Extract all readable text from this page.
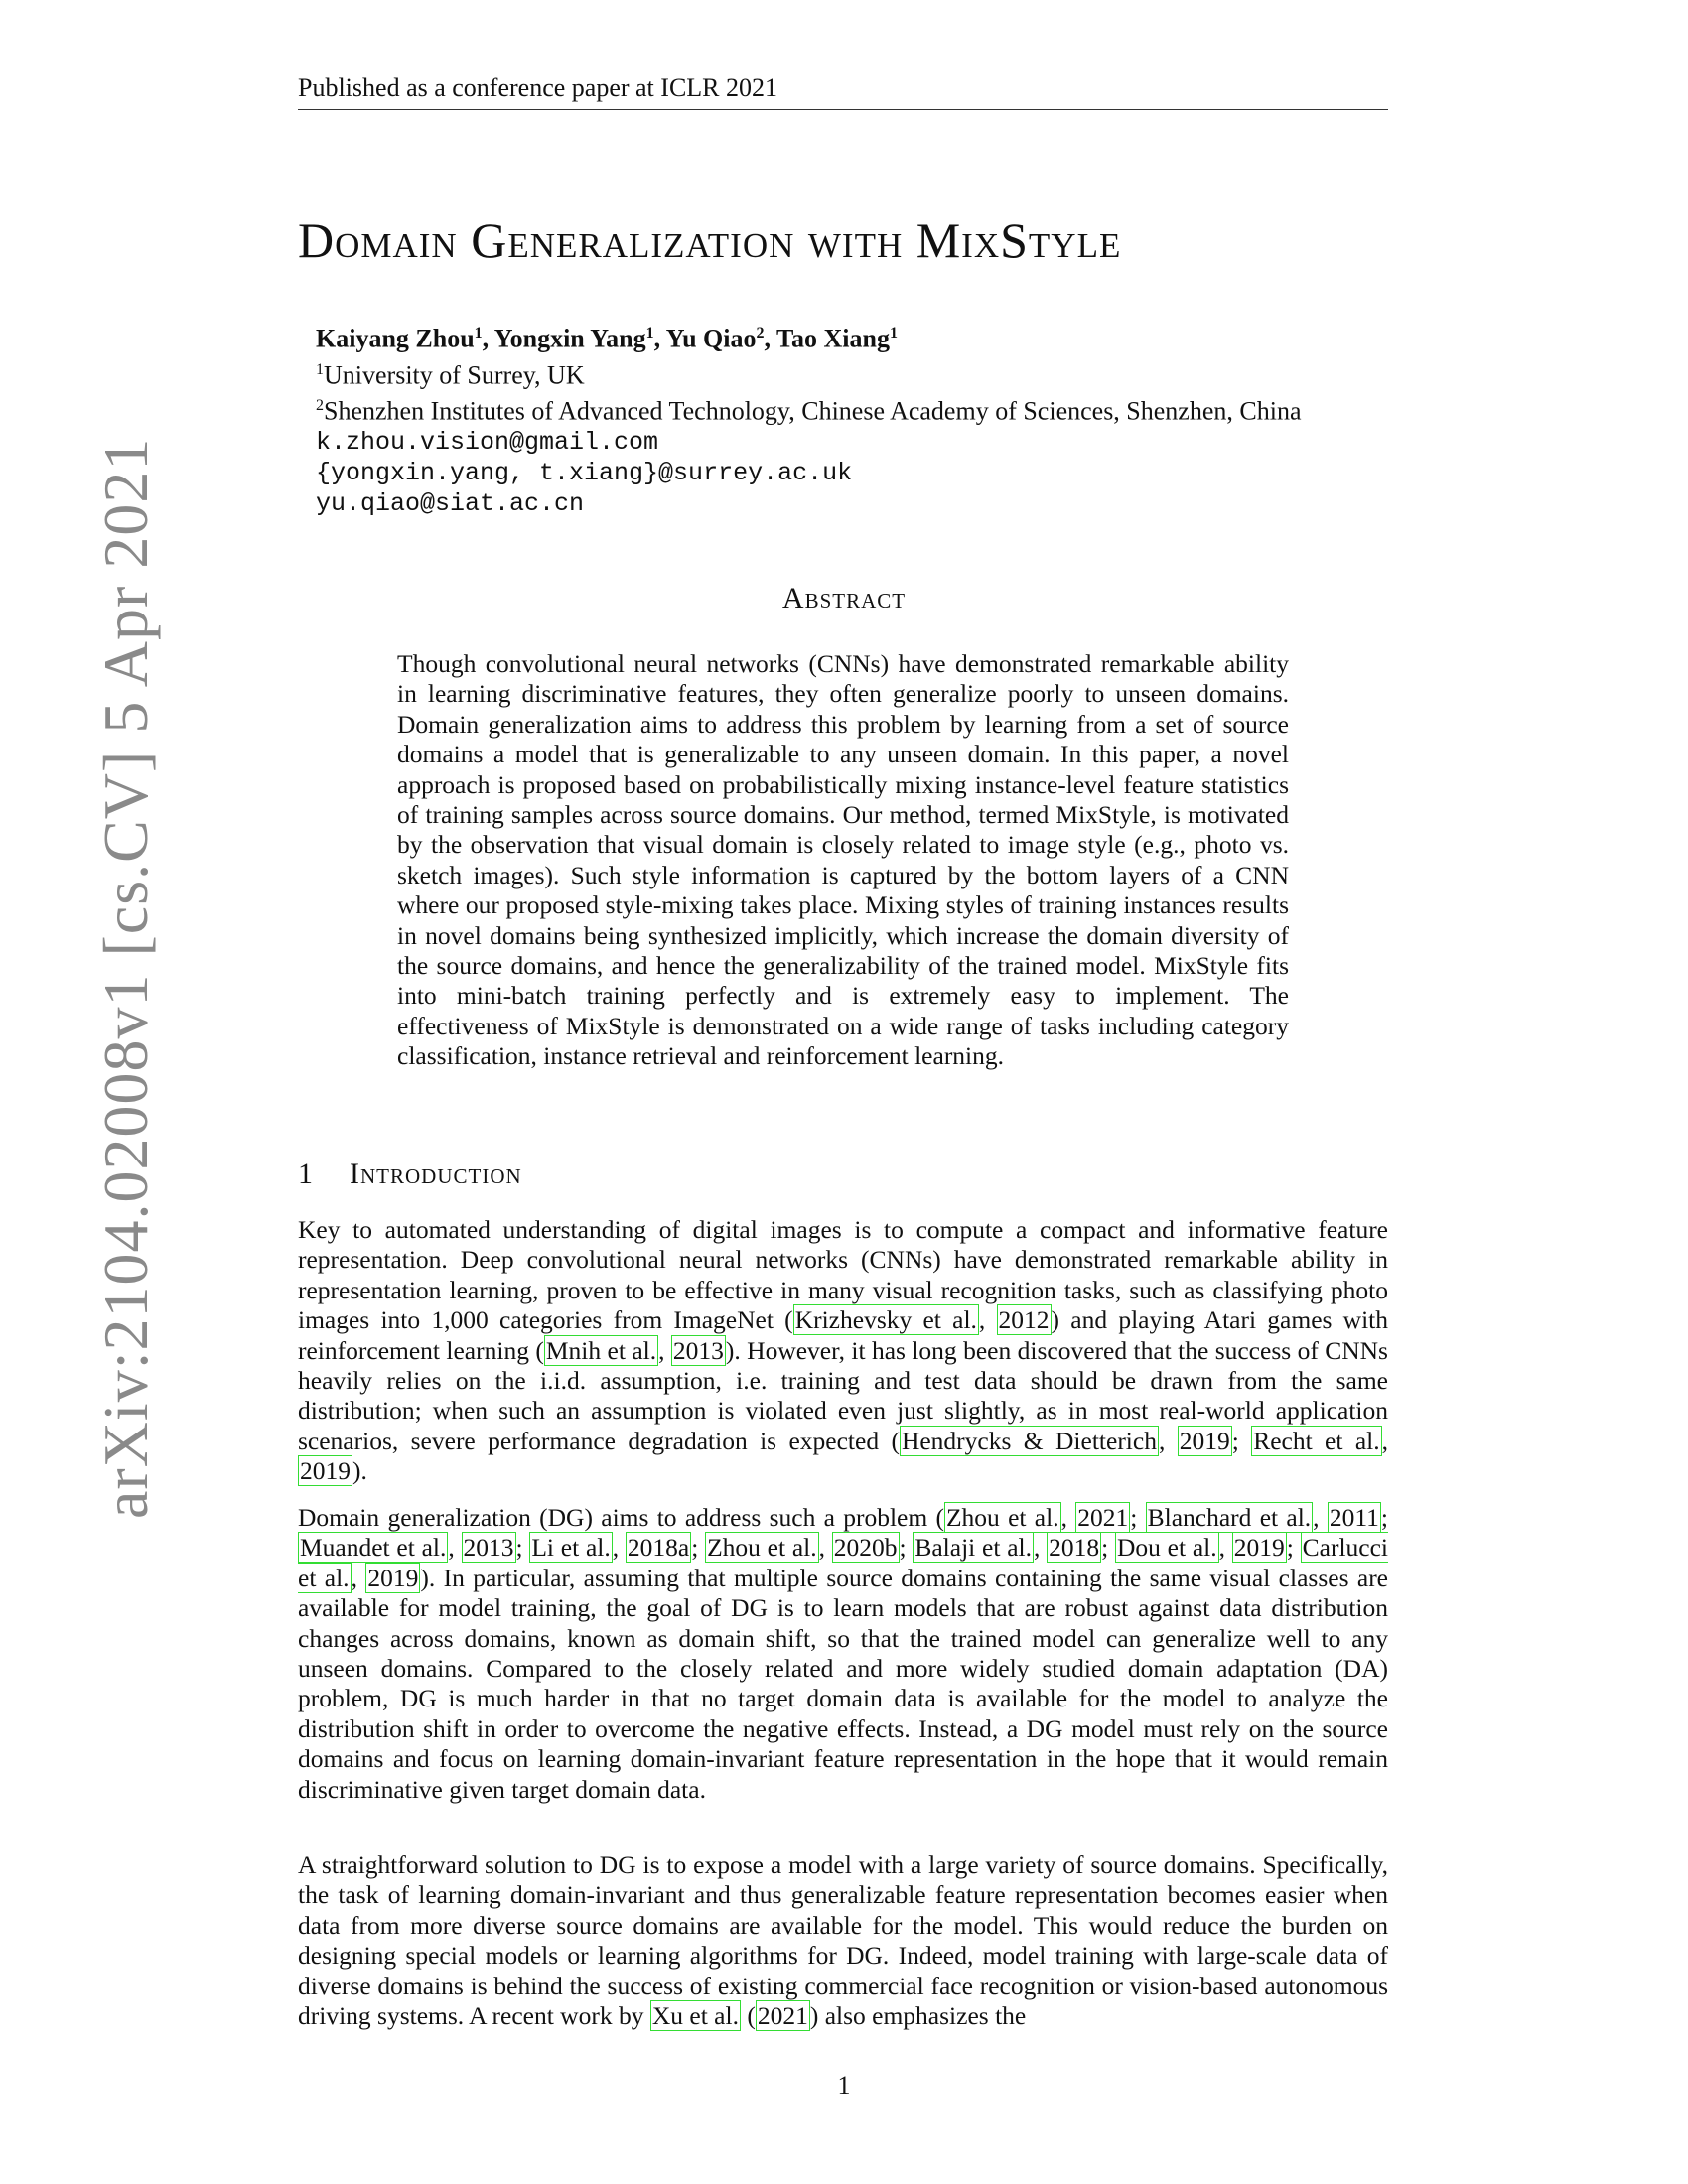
Published as a conference paper at ICLR 2021
arXiv:2104.02008v1 [cs.CV] 5 Apr 2021
Domain Generalization with MixStyle
Kaiyang Zhou$^1$, Yongxin Yang$^1$, Yu Qiao$^2$, Tao Xiang$^1$
$^1$University of Surrey, UK
$^2$Shenzhen Institutes of Advanced Technology, Chinese Academy of Sciences, Shenzhen, China
k.zhou.vision@gmail.com
{yongxin.yang, t.xiang}@surrey.ac.uk
yu.qiao@siat.ac.cn
Abstract

Though convolutional neural networks (CNNs) have demonstrated remarkable ability in learning discriminative features, they often generalize poorly to unseen domains. Domain generalization aims to address this problem by learning from a set of source domains a model that is generalizable to any unseen domain. In this paper, a novel approach is proposed based on probabilistically mixing instance-level feature statistics of training samples across source domains. Our method, termed MixStyle, is motivated by the observation that visual domain is closely related to image style (e.g., photo vs. sketch images). Such style information is captured by the bottom layers of a CNN where our proposed style-mixing takes place. Mixing styles of training instances results in novel domains being synthesized implicitly, which increase the domain diversity of the source domains, and hence the generalizability of the trained model. MixStyle fits into mini-batch training perfectly and is extremely easy to implement. The effectiveness of MixStyle is demonstrated on a wide range of tasks including category classification, instance retrieval and reinforcement learning.

1 Introduction

Key to automated understanding of digital images is to compute a compact and informative feature representation. Deep convolutional neural networks (CNNs) have demonstrated remarkable ability in representation learning, proven to be effective in many visual recognition tasks, such as classifying photo images into 1,000 categories from ImageNet (Krizhevsky et al., 2012) and playing Atari games with reinforcement learning (Mnih et al., 2013). However, it has long been discovered that the success of CNNs heavily relies on the i.i.d. assumption, i.e. training and test data should be drawn from the same distribution; when such an assumption is violated even just slightly, as in most real-world application scenarios, severe performance degradation is expected (Hendrycks & Dietterich, 2019; Recht et al., 2019).

Domain generalization (DG) aims to address such a problem (Zhou et al., 2021; Blanchard et al., 2011; Muandet et al., 2013; Li et al., 2018a; Zhou et al., 2020b; Balaji et al., 2018; Dou et al., 2019; Carlucci et al., 2019). In particular, assuming that multiple source domains containing the same visual classes are available for model training, the goal of DG is to learn models that are robust against data distribution changes across domains, known as domain shift, so that the trained model can generalize well to any unseen domains. Compared to the closely related and more widely studied domain adaptation (DA) problem, DG is much harder in that no target domain data is available for the model to analyze the distribution shift in order to overcome the negative effects. Instead, a DG model must rely on the source domains and focus on learning domain-invariant feature representation in the hope that it would remain discriminative given target domain data.

A straightforward solution to DG is to expose a model with a large variety of source domains. Specifically, the task of learning domain-invariant and thus generalizable feature representation becomes easier when data from more diverse source domains are available for the model. This would reduce the burden on designing special models or learning algorithms for DG. Indeed, model training with large-scale data of diverse domains is behind the success of existing commercial face recognition or vision-based autonomous driving systems. A recent work by Xu et al. (2021) also emphasizes the

1
